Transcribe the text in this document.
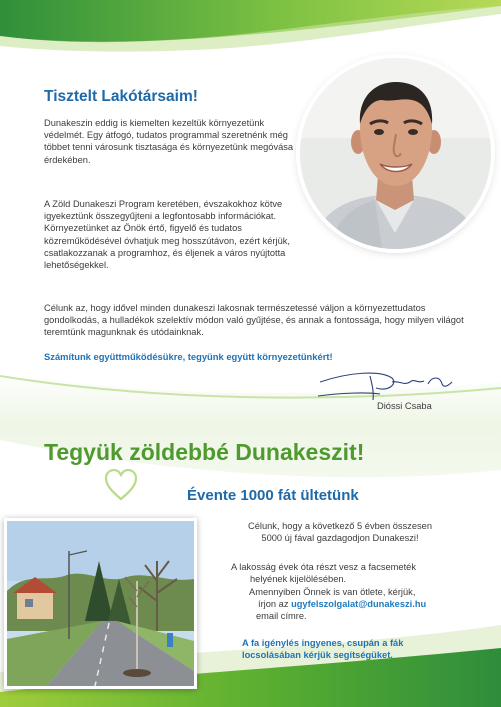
Tisztelt Lakótársaim!

Dunakeszin eddig is kiemelten kezeltük környezetünk védelmét. Egy átfogó, tudatos programmal szeretnénk még többet tenni városunk tisztasága és környezetünk megóvása érdekében.

A Zöld Dunakeszi Program keretében, évszakokhoz kötve igyekeztünk összegyűjteni a legfontosabb információkat. Környezetünket az Önök értő, figyelő és tudatos közreműködésével óvhatjuk meg hosszútávon, ezért kérjük, csatlakozzanak a programhoz, és éljenek a város nyújtotta lehetőségekkel.

Célunk az, hogy idővel minden dunakeszi lakosnak természetessé váljon a környezettudatos gondolkodás, a hulladékok szelektív módon való gyűjtése, és annak a fontossága, hogy milyen világot teremtünk magunknak és utódainknak.

Számítunk együttműködésükre, tegyünk együtt környezetünkért!

Dióssi Csaba
Tegyük zöldebbé Dunakeszit!
Évente 1000 fát ültetünk

Célunk, hogy a következő 5 évben összesen

5000 új fával gazdagodjon Dunakeszi!

A lakosság évek óta részt vesz a facsemeték

helyének kijelölésében.

Amennyiben Önnek is van ötlete, kérjük,

írjon az ugyfelszolgalat@dunakeszi.hu

email címre.

A fa igénylés ingyenes, csupán a fák
locsolásában kérjük segítségüket.
